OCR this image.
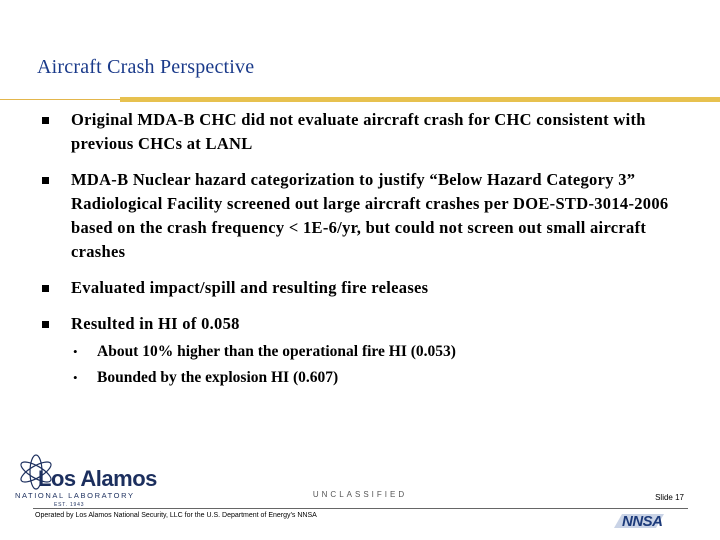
Aircraft Crash Perspective
Original MDA-B CHC did not evaluate aircraft crash for CHC consistent with previous CHCs at LANL
MDA-B Nuclear hazard categorization to justify “Below Hazard Category 3” Radiological Facility screened out large aircraft crashes per DOE-STD-3014-2006 based on the crash frequency < 1E-6/yr, but could not screen out small aircraft crashes
Evaluated impact/spill and resulting fire releases
Resulted in HI of 0.058
• About 10% higher than the operational fire HI (0.053)
• Bounded by the explosion HI (0.607)
Los Alamos
NATIONAL LABORATORY
EST. 1943
UNCLASSIFIED	Slide 17
Operated by Los Alamos National Security, LLC for the U.S. Department of Energy’s NNSA	NNSA
